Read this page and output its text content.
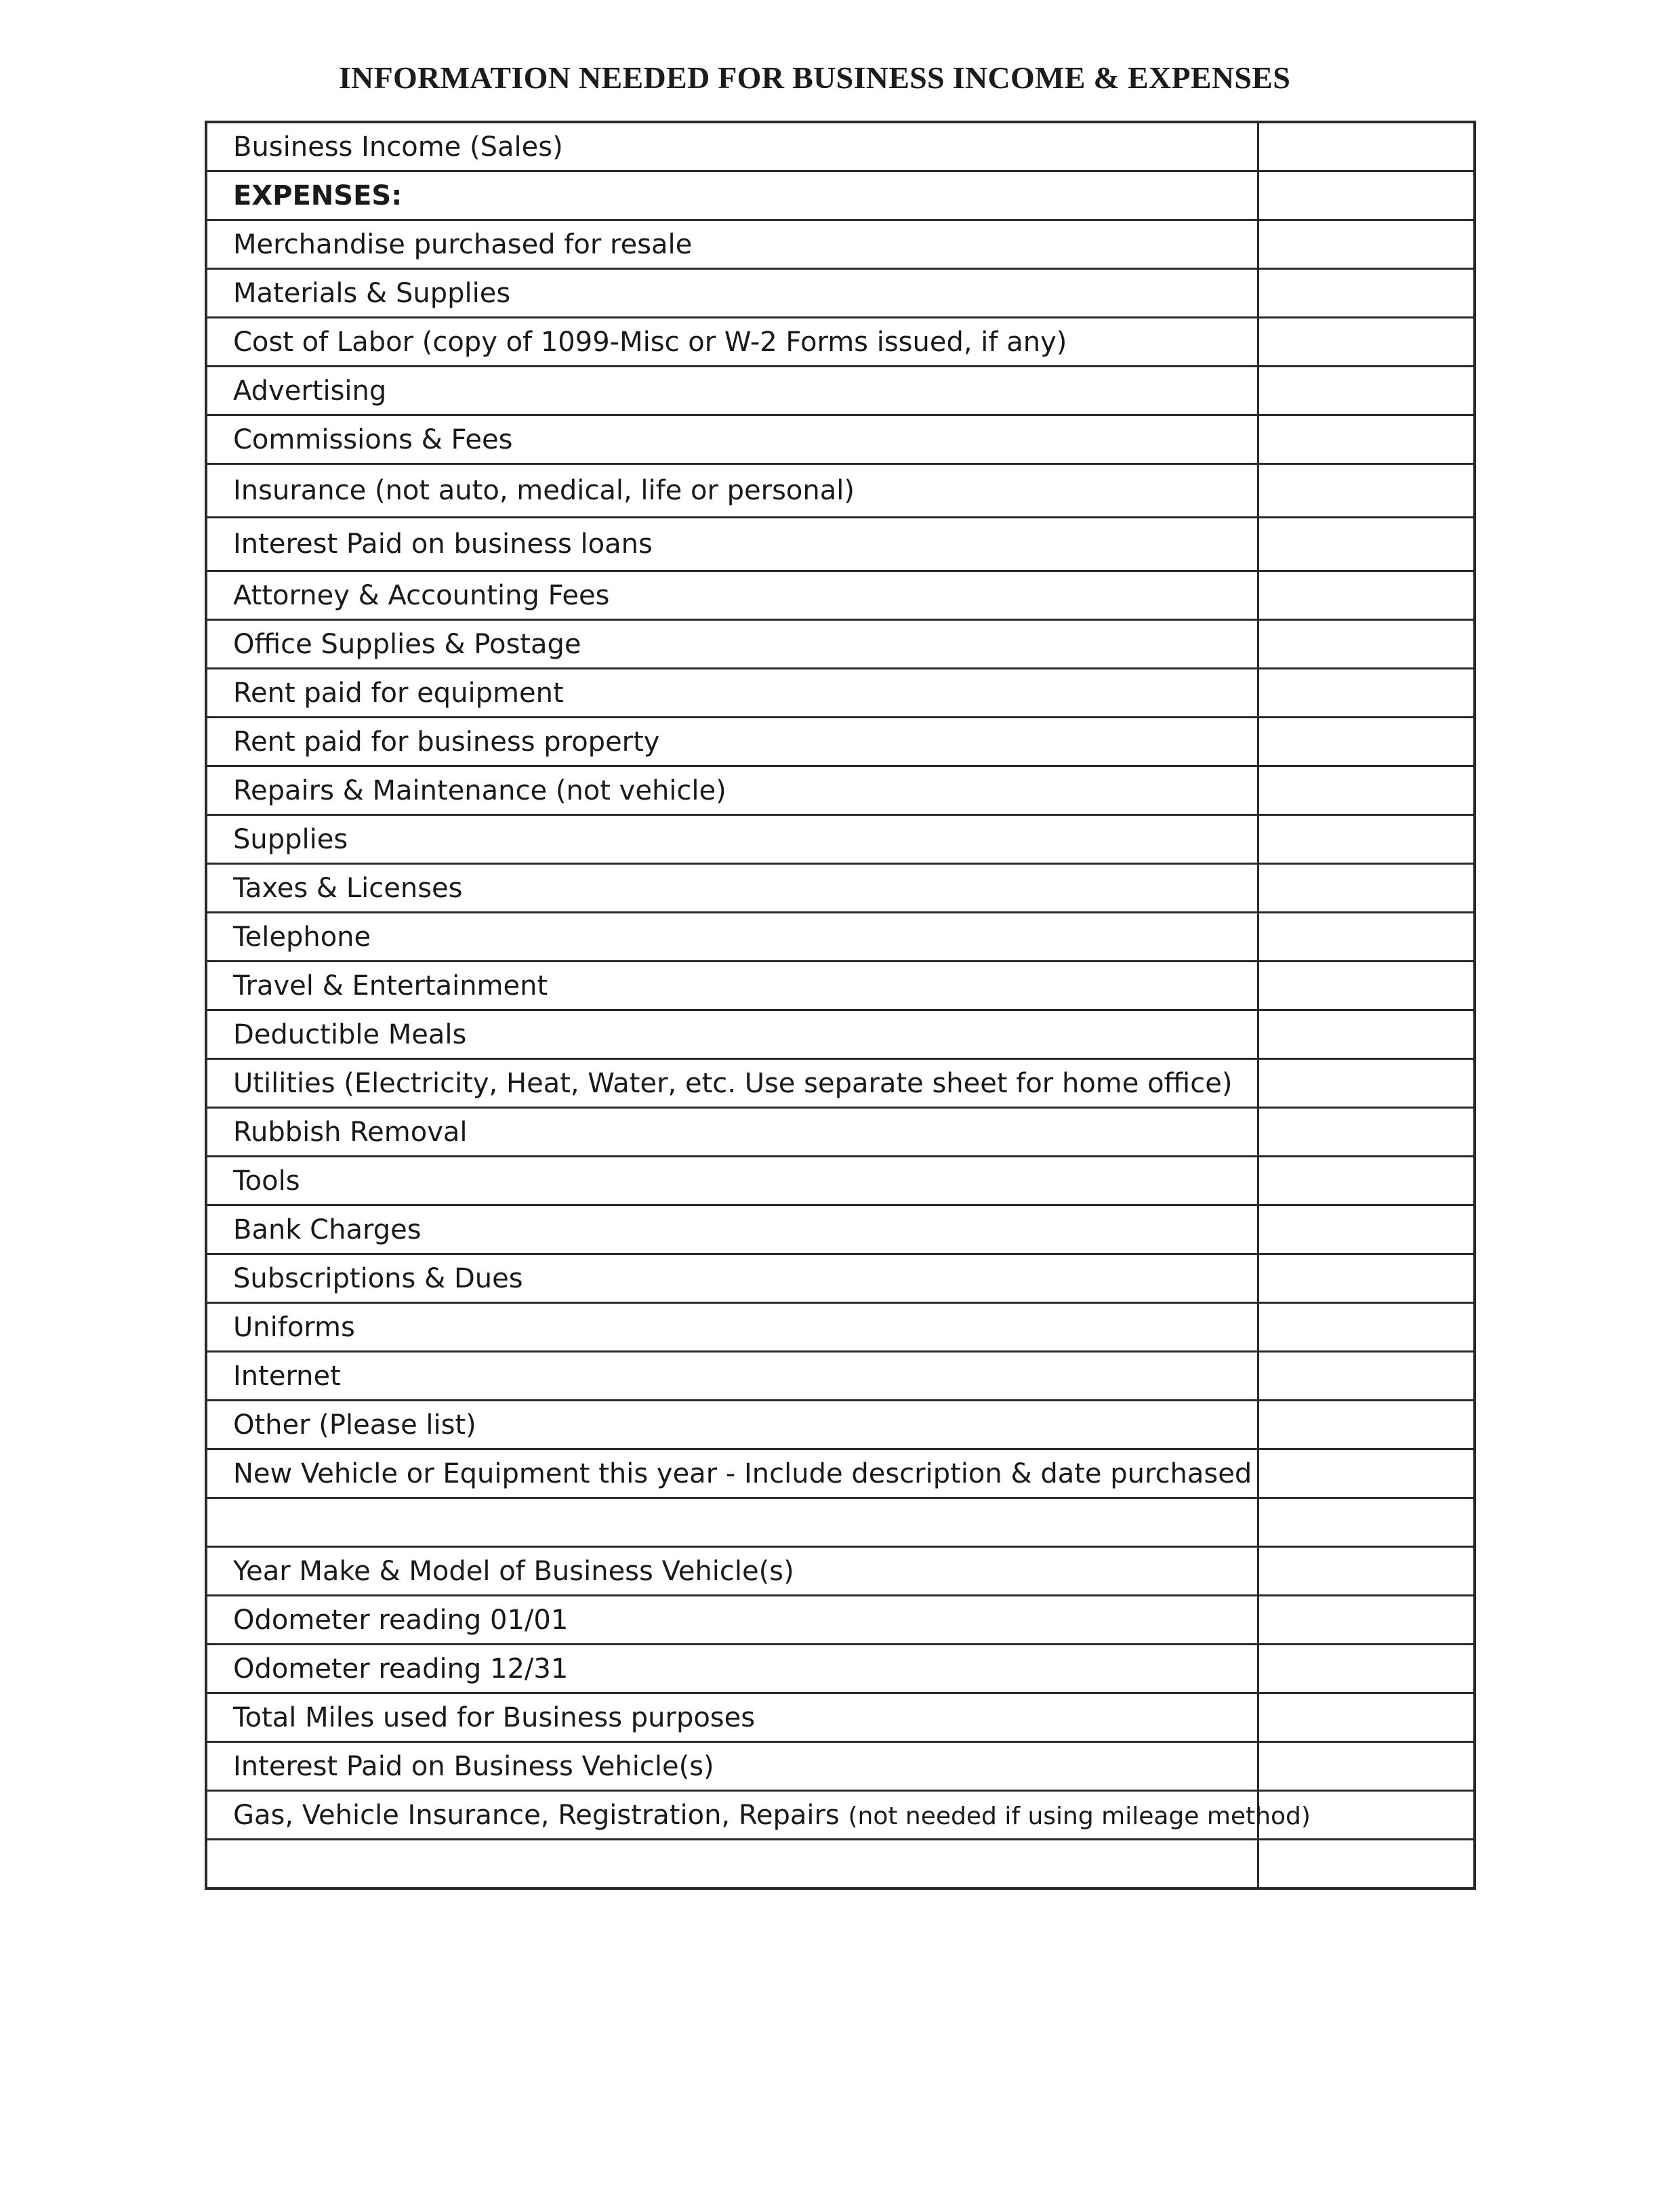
INFORMATION NEEDED FOR BUSINESS INCOME & EXPENSES
Business Income (Sales)	
EXPENSES:	
Merchandise purchased for resale	
Materials & Supplies	
Cost of Labor (copy of 1099-Misc or W-2 Forms issued, if any)	
Advertising	
Commissions & Fees	
Insurance (not auto, medical, life or personal)	
Interest Paid on business loans	
Attorney & Accounting Fees	
Office Supplies & Postage	
Rent paid for equipment	
Rent paid for business property	
Repairs & Maintenance (not vehicle)	
Supplies	
Taxes & Licenses	
Telephone	
Travel & Entertainment	
Deductible Meals	
Utilities (Electricity, Heat, Water, etc. Use separate sheet for home office)	
Rubbish Removal	
Tools	
Bank Charges	
Subscriptions & Dues	
Uniforms	
Internet	
Other (Please list)	
New Vehicle or Equipment this year - Include description & date purchased	

Year Make & Model of Business Vehicle(s)	
Odometer reading 01/01	
Odometer reading 12/31	
Total Miles used for Business purposes	
Interest Paid on Business Vehicle(s)	
Gas, Vehicle Insurance, Registration, Repairs (not needed if using mileage method)	
